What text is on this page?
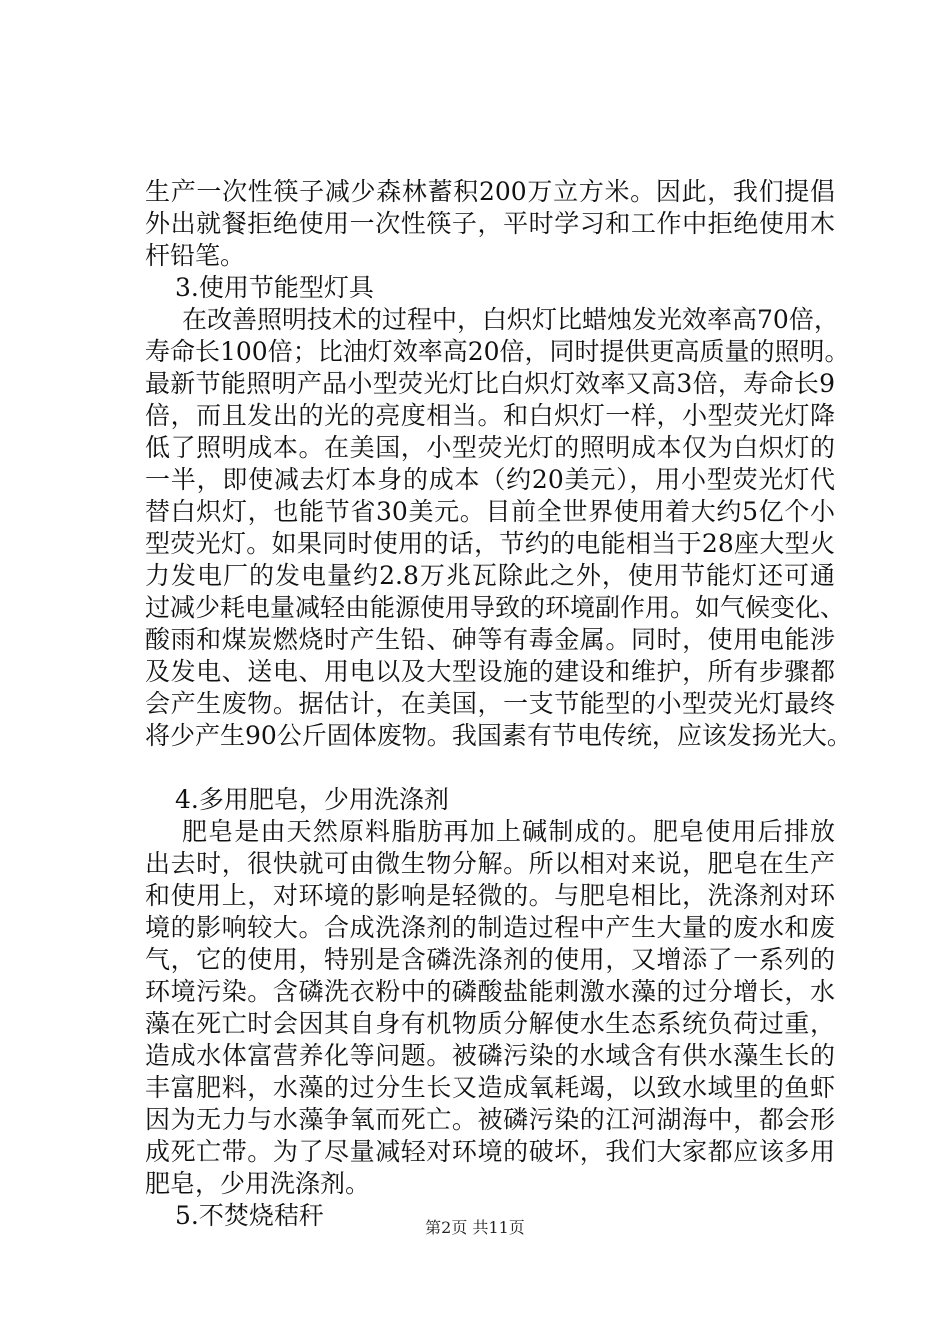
生产一次性筷子减少森林蓄积200万立方米。因此，我们提倡
外出就餐拒绝使用一次性筷子，平时学习和工作中拒绝使用木
杆铅笔。
3.使用节能型灯具
在改善照明技术的过程中，白炽灯比蜡烛发光效率高70倍，
寿命长100倍；比油灯效率高20倍，同时提供更高质量的照明。
最新节能照明产品小型荧光灯比白炽灯效率又高3倍，寿命长9
倍，而且发出的光的亮度相当。和白炽灯一样，小型荧光灯降
低了照明成本。在美国，小型荧光灯的照明成本仅为白炽灯的
一半，即使减去灯本身的成本（约20美元），用小型荧光灯代
替白炽灯，也能节省30美元。目前全世界使用着大约5亿个小
型荧光灯。如果同时使用的话，节约的电能相当于28座大型火
力发电厂的发电量约2.8万兆瓦除此之外，使用节能灯还可通
过减少耗电量减轻由能源使用导致的环境副作用。如气候变化、
酸雨和煤炭燃烧时产生铅、砷等有毒金属。同时，使用电能涉
及发电、送电、用电以及大型设施的建设和维护，所有步骤都
会产生废物。据估计，在美国，一支节能型的小型荧光灯最终
将少产生90公斤固体废物。我国素有节电传统，应该发扬光大。
4.多用肥皂，少用洗涤剂
肥皂是由天然原料脂肪再加上碱制成的。肥皂使用后排放
出去时，很快就可由微生物分解。所以相对来说，肥皂在生产
和使用上，对环境的影响是轻微的。与肥皂相比，洗涤剂对环
境的影响较大。合成洗涤剂的制造过程中产生大量的废水和废
气，它的使用，特别是含磷洗涤剂的使用，又增添了一系列的
环境污染。含磷洗衣粉中的磷酸盐能刺激水藻的过分增长，水
藻在死亡时会因其自身有机物质分解使水生态系统负荷过重，
造成水体富营养化等问题。被磷污染的水域含有供水藻生长的
丰富肥料，水藻的过分生长又造成氧耗竭，以致水域里的鱼虾
因为无力与水藻争氧而死亡。被磷污染的江河湖海中，都会形
成死亡带。为了尽量减轻对环境的破坏，我们大家都应该多用
肥皂，少用洗涤剂。
5.不焚烧秸秆	第2页 共11页
